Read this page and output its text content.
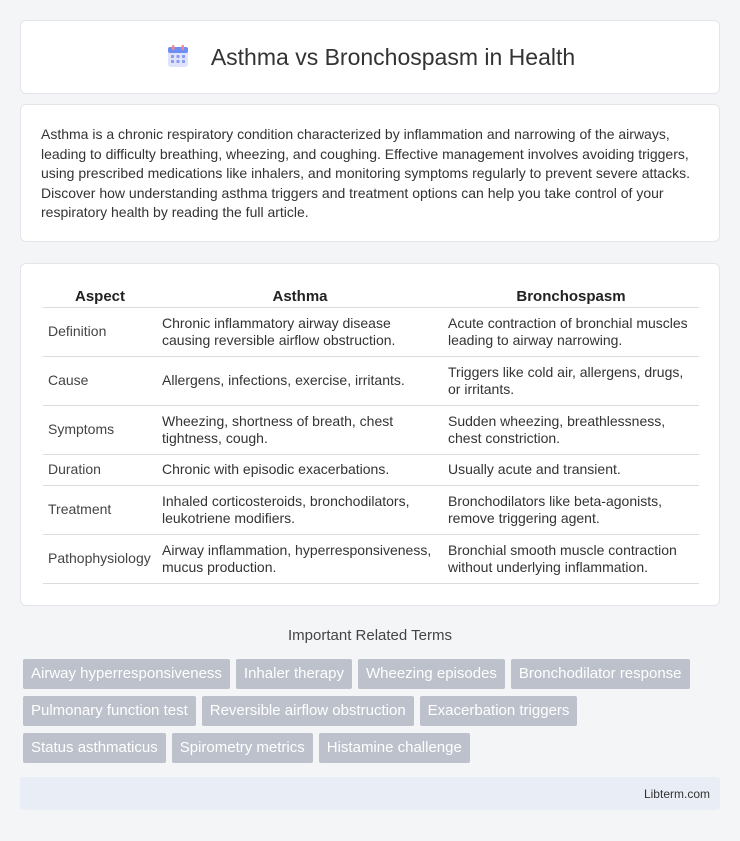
Asthma vs Bronchospasm in Health

Asthma is a chronic respiratory condition characterized by inflammation and narrowing of the airways, leading to difficulty breathing, wheezing, and coughing. Effective management involves avoiding triggers, using prescribed medications like inhalers, and monitoring symptoms regularly to prevent severe attacks. Discover how understanding asthma triggers and treatment options can help you take control of your respiratory health by reading the full article.

Aspect	Asthma	Bronchospasm
Definition	Chronic inflammatory airway disease causing reversible airflow obstruction.	Acute contraction of bronchial muscles leading to airway narrowing.
Cause	Allergens, infections, exercise, irritants.	Triggers like cold air, allergens, drugs, or irritants.
Symptoms	Wheezing, shortness of breath, chest tightness, cough.	Sudden wheezing, breathlessness, chest constriction.
Duration	Chronic with episodic exacerbations.	Usually acute and transient.
Treatment	Inhaled corticosteroids, bronchodilators, leukotriene modifiers.	Bronchodilators like beta-agonists, remove triggering agent.
Pathophysiology	Airway inflammation, hyperresponsiveness, mucus production.	Bronchial smooth muscle contraction without underlying inflammation.
Important Related Terms
Airway hyperresponsiveness	Inhaler therapy	Wheezing episodes	Bronchodilator response
Pulmonary function test	Reversible airflow obstruction	Exacerbation triggers
Status asthmaticus	Spirometry metrics	Histamine challenge
Libterm.com
